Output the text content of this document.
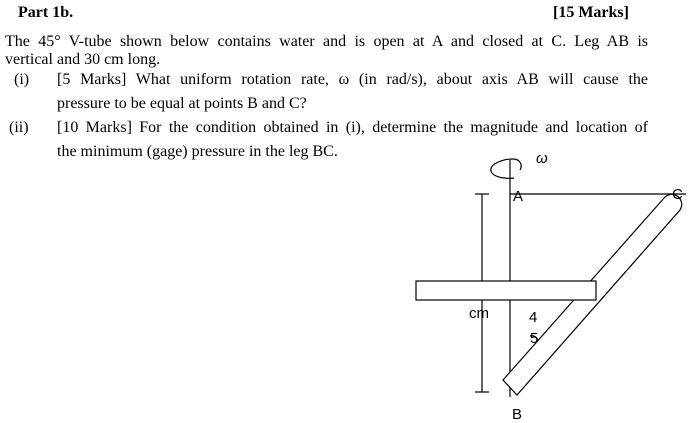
Part 1b.	[15 Marks]
The 45° V-tube shown below contains water and is open at A and closed at C. Leg AB is
vertical and 30 cm long.
(i) [5 Marks] What uniform rotation rate, ω (in rad/s), about axis AB will cause the
pressure to be equal at points B and C?
(ii) [10 Marks] For the condition obtained in (i), determine the magnitude and location of
the minimum (gage) pressure in the leg BC.	ω
A
B
C
cm	4
5
